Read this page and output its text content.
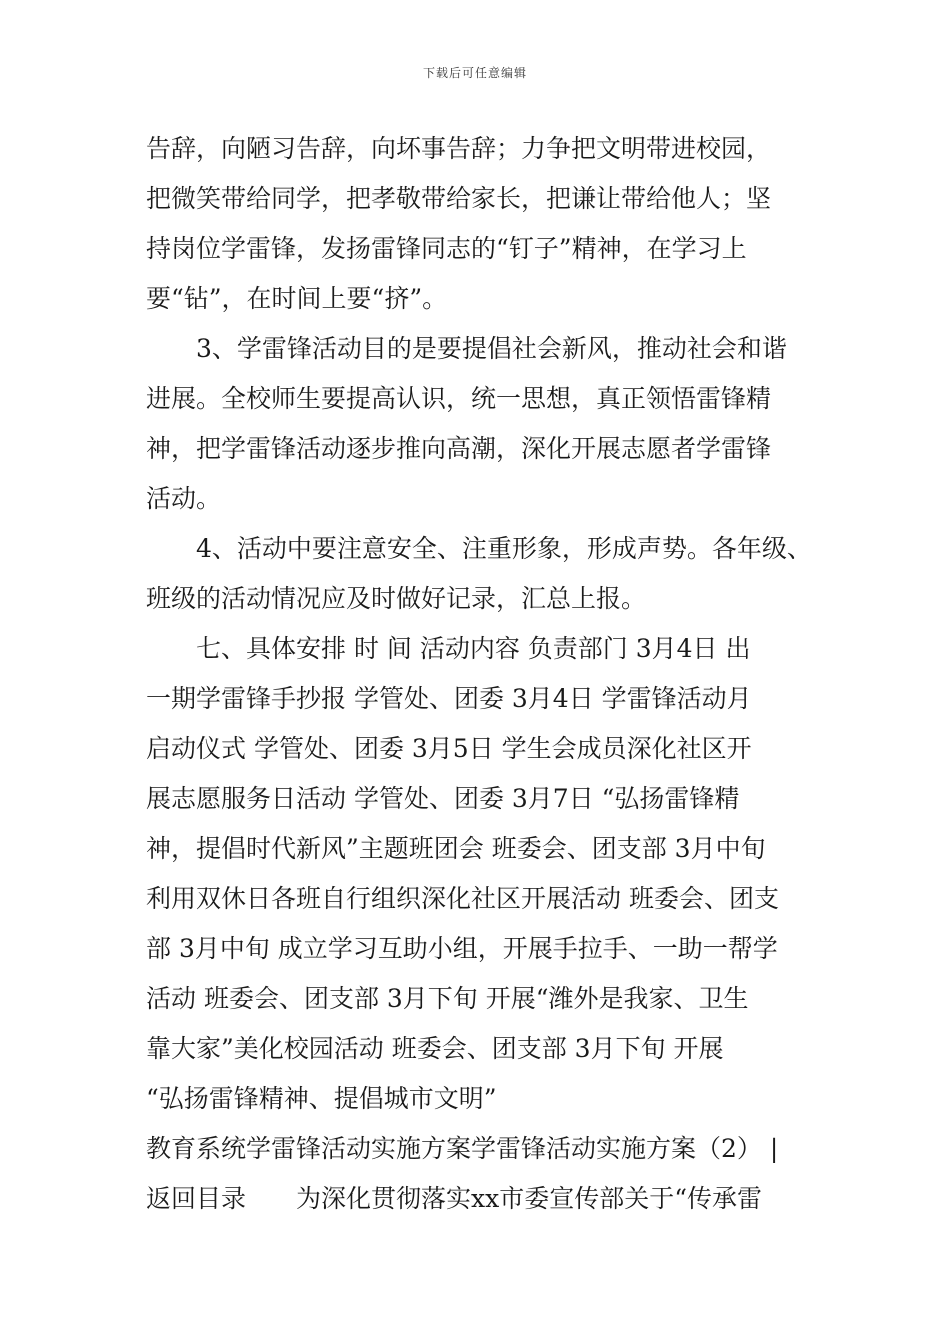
下载后可任意编辑
告辞，向陋习告辞，向坏事告辞；力争把文明带进校园，
把微笑带给同学，把孝敬带给家长，把谦让带给他人；坚
持岗位学雷锋，发扬雷锋同志的“钉子”精神，在学习上
要“钻”，在时间上要“挤”。
3、学雷锋活动目的是要提倡社会新风，推动社会和谐
进展。全校师生要提高认识，统一思想，真正领悟雷锋精
神，把学雷锋活动逐步推向高潮，深化开展志愿者学雷锋
活动。
4、活动中要注意安全、注重形象，形成声势。各年级、
班级的活动情况应及时做好记录，汇总上报。
七、具体安排 时 间 活动内容 负责部门 3月4日 出
一期学雷锋手抄报 学管处、团委 3月4日 学雷锋活动月
启动仪式 学管处、团委 3月5日 学生会成员深化社区开
展志愿服务日活动 学管处、团委 3月7日 “弘扬雷锋精
神，提倡时代新风”主题班团会 班委会、团支部 3月中旬
利用双休日各班自行组织深化社区开展活动 班委会、团支
部 3月中旬 成立学习互助小组，开展手拉手、一助一帮学
活动 班委会、团支部 3月下旬 开展“潍外是我家、卫生
靠大家”美化校园活动 班委会、团支部 3月下旬 开展
“弘扬雷锋精神、提倡城市文明”
教育系统学雷锋活动实施方案学雷锋活动实施方案（2） |
返回目录　　为深化贯彻落实xx市委宣传部关于“传承雷
